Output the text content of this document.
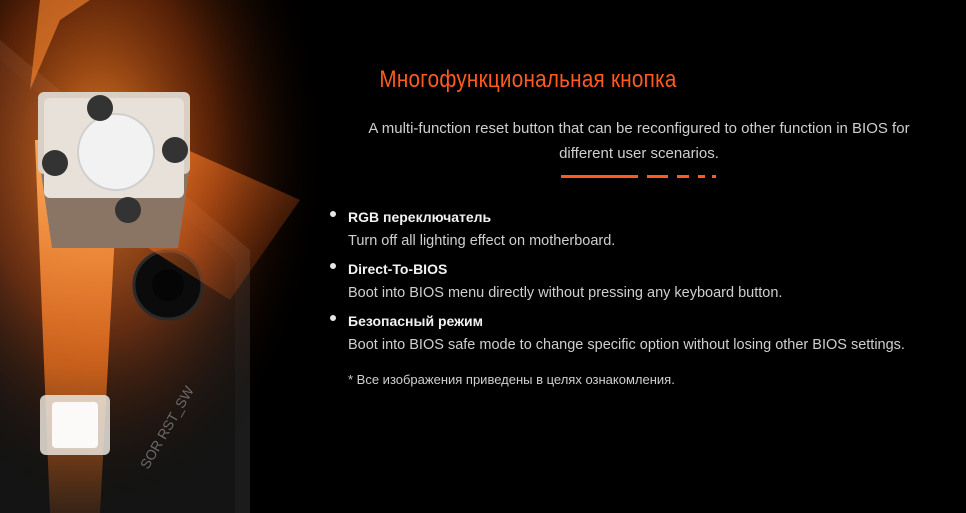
SOR RST_SW
Многофункциональная кнопка
A multi-function reset button that can be reconfigured to other function in BIOS for different user scenarios.
RGB переключатель
Turn off all lighting effect on motherboard.
Direct-To-BIOS
Boot into BIOS menu directly without pressing any keyboard button.
Безопасный режим
Boot into BIOS safe mode to change specific option without losing other BIOS settings.
* Все изображения приведены в целях ознакомления.
